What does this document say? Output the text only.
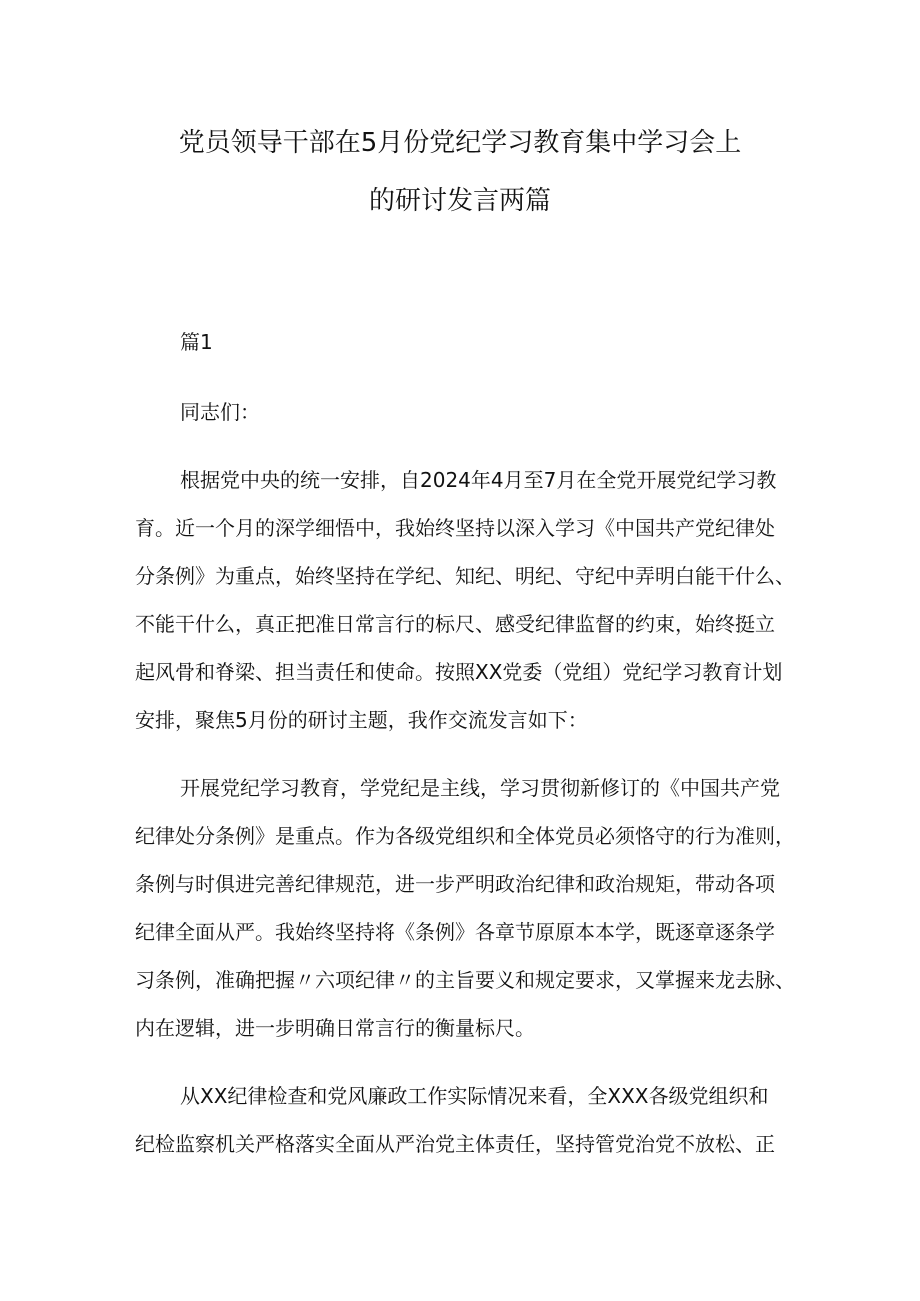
党员领导干部在5月份党纪学习教育集中学习会上
的研讨发言两篇
篇1
同志们：
根据党中央的统一安排，自2024年4月至7月在全党开展党纪学习教
育。近一个月的深学细悟中，我始终坚持以深入学习《中国共产党纪律处
分条例》为重点，始终坚持在学纪、知纪、明纪、守纪中弄明白能干什么、
不能干什么，真正把准日常言行的标尺、感受纪律监督的约束，始终挺立
起风骨和脊梁、担当责任和使命。按照XX党委（党组）党纪学习教育计划
安排，聚焦5月份的研讨主题，我作交流发言如下：
开展党纪学习教育，学党纪是主线，学习贯彻新修订的《中国共产党
纪律处分条例》是重点。作为各级党组织和全体党员必须恪守的行为准则，
条例与时俱进完善纪律规范，进一步严明政治纪律和政治规矩，带动各项
纪律全面从严。我始终坚持将《条例》各章节原原本本学，既逐章逐条学
习条例，准确把握〃六项纪律〃的主旨要义和规定要求，又掌握来龙去脉、
内在逻辑，进一步明确日常言行的衡量标尺。
从XX纪律检查和党风廉政工作实际情况来看，全XXX各级党组织和
纪检监察机关严格落实全面从严治党主体责任，坚持管党治党不放松、正
